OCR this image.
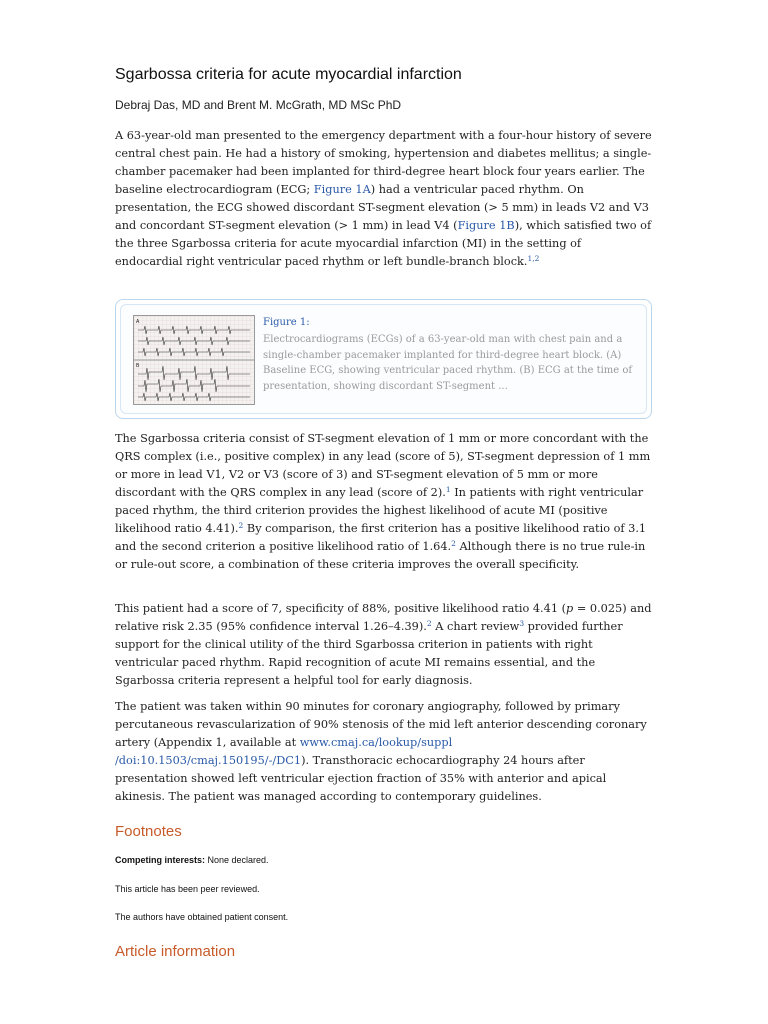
Sgarbossa criteria for acute myocardial infarction
Debraj Das, MD and Brent M. McGrath, MD MSc PhD

A 63-year-old man presented to the emergency department with a four-hour history of severe central chest pain. He had a history of smoking, hypertension and diabetes mellitus; a single-chamber pacemaker had been implanted for third-degree heart block four years earlier. The baseline electrocardiogram (ECG; Figure 1A) had a ventricular paced rhythm. On presentation, the ECG showed discordant ST-segment elevation (> 5 mm) in leads V2 and V3 and concordant ST-segment elevation (> 1 mm) in lead V4 (Figure 1B), which satisfied two of the three Sgarbossa criteria for acute myocardial infarction (MI) in the setting of endocardial right ventricular paced rhythm or left bundle-branch block.$^{1,2}$

A
B
Figure 1:
Electrocardiograms (ECGs) of a 63-year-old man with chest pain and a single-chamber pacemaker implanted for third-degree heart block. (A) Baseline ECG, showing ventricular paced rhythm. (B) ECG at the time of presentation, showing discordant ST-segment ...

The Sgarbossa criteria consist of ST-segment elevation of 1 mm or more concordant with the QRS complex (i.e., positive complex) in any lead (score of 5), ST-segment depression of 1 mm or more in lead V1, V2 or V3 (score of 3) and ST-segment elevation of 5 mm or more discordant with the QRS complex in any lead (score of 2).$^1$ In patients with right ventricular paced rhythm, the third criterion provides the highest likelihood of acute MI (positive likelihood ratio 4.41).$^2$ By comparison, the first criterion has a positive likelihood ratio of 3.1 and the second criterion a positive likelihood ratio of 1.64.$^2$ Although there is no true rule-in or rule-out score, a combination of these criteria improves the overall specificity.

This patient had a score of 7, specificity of 88%, positive likelihood ratio 4.41 (p = 0.025) and relative risk 2.35 (95% confidence interval 1.26–4.39).$^2$ A chart review$^3$ provided further support for the clinical utility of the third Sgarbossa criterion in patients with right ventricular paced rhythm. Rapid recognition of acute MI remains essential, and the Sgarbossa criteria represent a helpful tool for early diagnosis.

The patient was taken within 90 minutes for coronary angiography, followed by primary percutaneous revascularization of 90% stenosis of the mid left anterior descending coronary artery (Appendix 1, available at www.cmaj.ca/lookup/suppl
/doi:10.1503/cmaj.150195/-/DC1). Transthoracic echocardiography 24 hours after presentation showed left ventricular ejection fraction of 35% with anterior and apical akinesis. The patient was managed according to contemporary guidelines.

Footnotes
Competing interests: None declared.
This article has been peer reviewed.
The authors have obtained patient consent.
Article information
